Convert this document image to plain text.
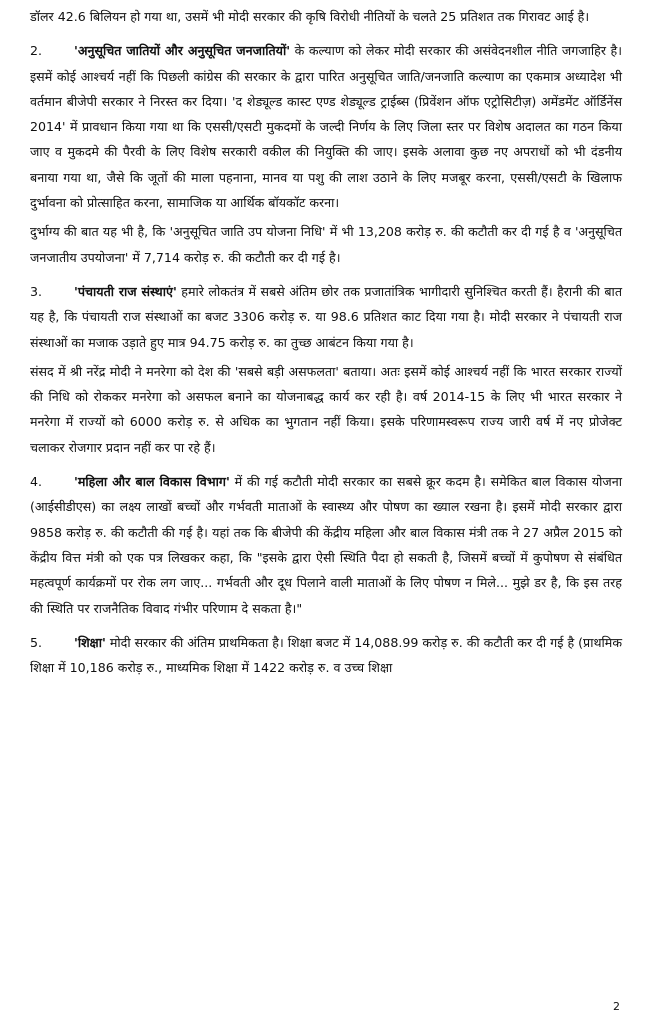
डॉलर 42.6 बिलियन हो गया था, उसमें भी मोदी सरकार की कृषि विरोधी नीतियों के चलते 25 प्रतिशत तक गिरावट आई है।

2.	'अनुसूचित जातियों और अनुसूचित जनजातियों' के कल्याण को लेकर मोदी सरकार की असंवेदनशील नीति जगजाहिर है। इसमें कोई आश्चर्य नहीं कि पिछली कांग्रेस की सरकार के द्वारा पारित अनुसूचित जाति/जनजाति कल्याण का एकमात्र अध्यादेश भी वर्तमान बीजेपी सरकार ने निरस्त कर दिया। 'द शेड्यूल्ड कास्ट एण्ड शेड्यूल्ड ट्राईब्स (प्रिवेंशन ऑफ एट्रोसिटीज़) अमेंडमेंट ऑर्डिनेंस 2014' में प्रावधान किया गया था कि एससी/एसटी मुकदमों के जल्दी निर्णय के लिए जिला स्तर पर विशेष अदालत का गठन किया जाए व मुकदमे की पैरवी के लिए विशेष सरकारी वकील की नियुक्ति की जाए। इसके अलावा कुछ नए अपराधों को भी दंडनीय बनाया गया था, जैसे कि जूतों की माला पहनाना, मानव या पशु की लाश उठाने के लिए मजबूर करना, एससी/एसटी के खिलाफ दुर्भावना को प्रोत्साहित करना, सामाजिक या आर्थिक बॉयकॉट करना।

दुर्भाग्य की बात यह भी है, कि 'अनुसूचित जाति उप योजना निधि' में भी 13,208 करोड़ रु. की कटौती कर दी गई है व 'अनुसूचित जनजातीय उपयोजना' में 7,714 करोड़ रु. की कटौती कर दी गई है।

3.	'पंचायती राज संस्थाएं' हमारे लोकतंत्र में सबसे अंतिम छोर तक प्रजातांत्रिक भागीदारी सुनिश्चित करती हैं। हैरानी की बात यह है, कि पंचायती राज संस्थाओं का बजट 3306 करोड़ रु. या 98.6 प्रतिशत काट दिया गया है। मोदी सरकार ने पंचायती राज संस्थाओं का मजाक उड़ाते हुए मात्र 94.75 करोड़ रु. का तुच्छ आबंटन किया गया है।

संसद में श्री नरेंद्र मोदी ने मनरेगा को देश की 'सबसे बड़ी असफलता' बताया। अतः इसमें कोई आश्चर्य नहीं कि भारत सरकार राज्यों की निधि को रोककर मनरेगा को असफल बनाने का योजनाबद्ध कार्य कर रही है। वर्ष 2014-15 के लिए भी भारत सरकार ने मनरेगा में राज्यों को 6000 करोड़ रु. से अधिक का भुगतान नहीं किया। इसके परिणामस्वरूप राज्य जारी वर्ष में नए प्रोजेक्ट चलाकर रोजगार प्रदान नहीं कर पा रहे हैं।

4.	'महिला और बाल विकास विभाग' में की गई कटौती मोदी सरकार का सबसे क्रूर कदम है। समेकित बाल विकास योजना (आईसीडीएस) का लक्ष्य लाखों बच्चों और गर्भवती माताओं के स्वास्थ्य और पोषण का ख्याल रखना है। इसमें मोदी सरकार द्वारा 9858 करोड़ रु. की कटौती की गई है। यहां तक कि बीजेपी की केंद्रीय महिला और बाल विकास मंत्री तक ने 27 अप्रैल 2015 को केंद्रीय वित्त मंत्री को एक पत्र लिखकर कहा, कि "इसके द्वारा ऐसी स्थिति पैदा हो सकती है, जिसमें बच्चों में कुपोषण से संबंधित महत्वपूर्ण कार्यक्रमों पर रोक लग जाए... गर्भवती और दूध पिलाने वाली माताओं के लिए पोषण न मिले... मुझे डर है, कि इस तरह की स्थिति पर राजनैतिक विवाद गंभीर परिणाम दे सकता है।"

5.	'शिक्षा' मोदी सरकार की अंतिम प्राथमिकता है। शिक्षा बजट में 14,088.99 करोड़ रु. की कटौती कर दी गई है (प्राथमिक शिक्षा में 10,186 करोड़ रु., माध्यमिक शिक्षा में 1422 करोड़ रु. व उच्च शिक्षा

2
